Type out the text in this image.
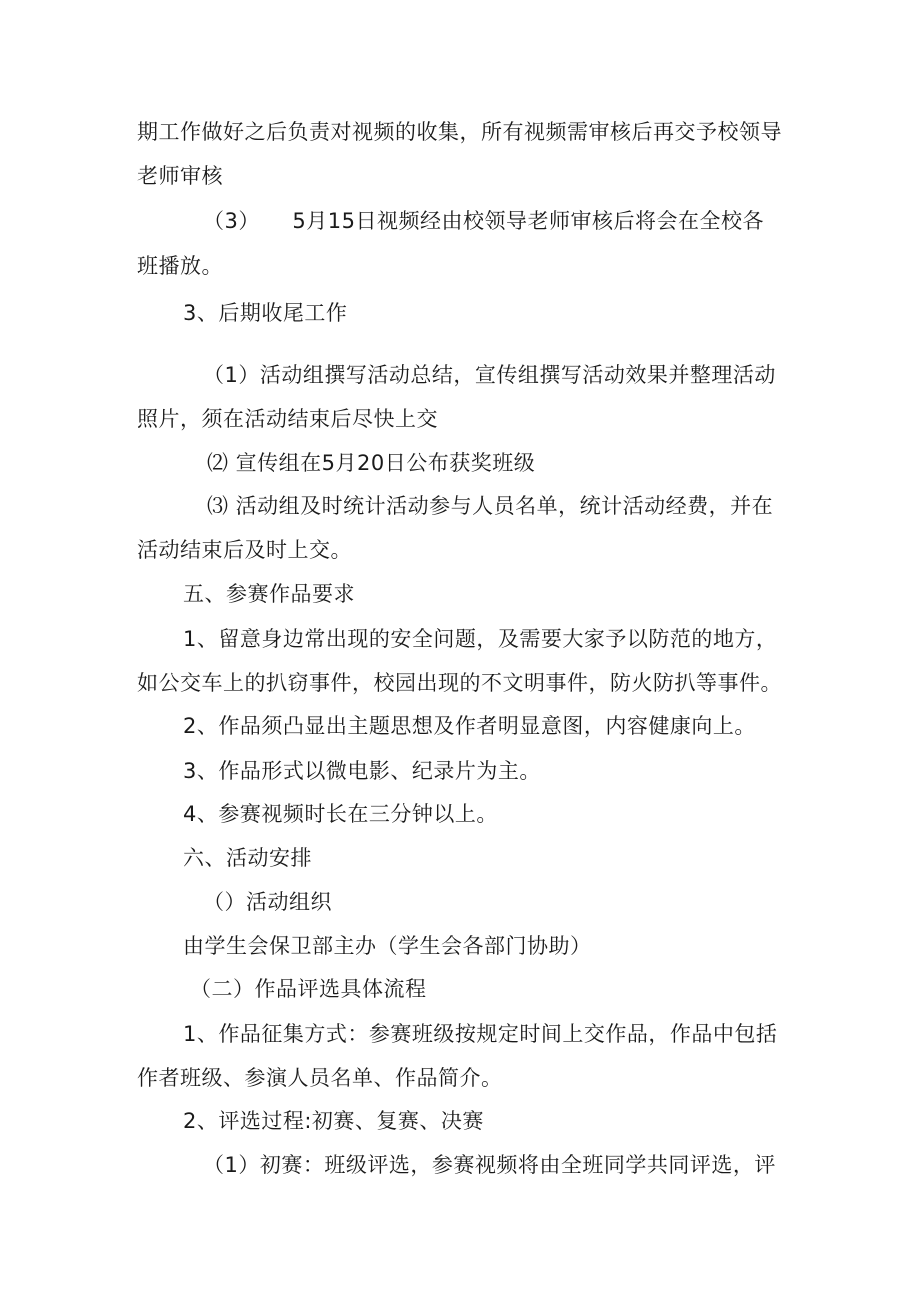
期工作做好之后负责对视频的收集，所有视频需审核后再交予校领导
老师审核
（3）　　5月15日视频经由校领导老师审核后将会在全校各
班播放。
3、后期收尾工作
（1）活动组撰写活动总结，宣传组撰写活动效果并整理活动
照片，须在活动结束后尽快上交
⑵ 宣传组在5月20日公布获奖班级
⑶ 活动组及时统计活动参与人员名单，统计活动经费，并在
活动结束后及时上交。
五、参赛作品要求
1、留意身边常出现的安全问题，及需要大家予以防范的地方，
如公交车上的扒窃事件，校园出现的不文明事件，防火防扒等事件。
2、作品须凸显出主题思想及作者明显意图，内容健康向上。
3、作品形式以微电影、纪录片为主。
4、参赛视频时长在三分钟以上。
六、活动安排
（）活动组织
由学生会保卫部主办（学生会各部门协助）
（二）作品评选具体流程
1、作品征集方式：参赛班级按规定时间上交作品，作品中包括
作者班级、参演人员名单、作品简介。
2、评选过程:初赛、复赛、决赛
（1）初赛：班级评选，参赛视频将由全班同学共同评选，评
